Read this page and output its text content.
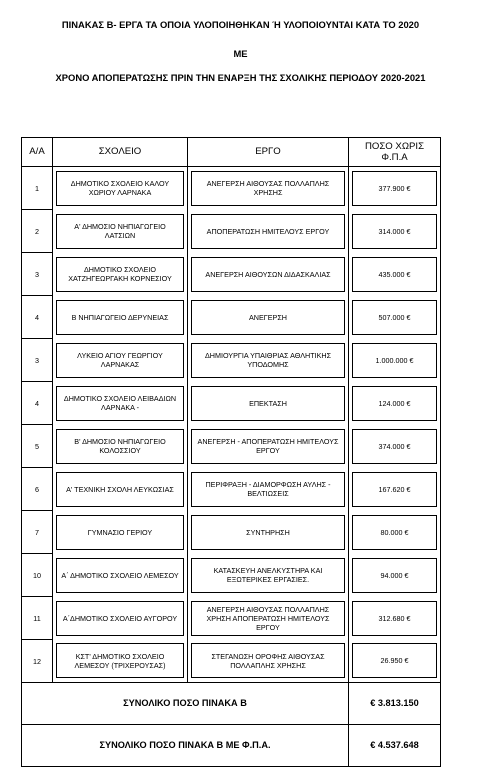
ΠΙΝΑΚΑΣ Β- ΕΡΓΑ ΤΑ ΟΠΟΙΑ ΥΛΟΠΟΙΗΘΗΚΑΝ Ή ΥΛΟΠΟΙΟΥΝΤΑΙ ΚΑΤΑ ΤΟ 2020
ΜΕ
ΧΡΟΝΟ ΑΠΟΠΕΡΑΤΩΣΗΣ ΠΡΙΝ ΤΗΝ ΕΝΑΡΞΗ ΤΗΣ ΣΧΟΛΙΚΗΣ ΠΕΡΙΟΔΟΥ 2020-2021
Α/Α	ΣΧΟΛΕΙΟ	ΕΡΓΟ	ΠΟΣΟ ΧΩΡΙΣ Φ.Π.Α
1	ΔΗΜΟΤΙΚΟ ΣΧΟΛΕΙΟ ΚΑΛΟΥ ΧΩΡΙΟΥ ΛΑΡΝΑΚΑ	ΑΝΕΓΕΡΣΗ ΑΙΘΟΥΣΑΣ ΠΟΛΛΑΠΛΗΣ ΧΡΗΣΗΣ	377.900 €

2	Α' ΔΗΜΟΣΙΟ ΝΗΠΙΑΓΩΓΕΙΟ ΛΑΤΣΙΩΝ	ΑΠΟΠΕΡΑΤΩΣΗ ΗΜΙΤΕΛΟΥΣ ΕΡΓΟΥ	314.000 €

3	ΔΗΜΟΤΙΚΟ ΣΧΟΛΕΙΟ ΧΑΤΖΗΓΕΩΡΓΑΚΗ ΚΟΡΝΕΣΙΟΥ	ΑΝΕΓΕΡΣΗ ΑΙΘΟΥΣΩΝ ΔΙΔΑΣΚΑΛΙΑΣ	435.000 €

4	Β ΝΗΠΙΑΓΩΓΕΙΟ ΔΕΡΥΝΕΙΑΣ	ΑΝΕΓΕΡΣΗ	507.000 €

3	ΛΥΚΕΙΟ ΑΓΙΟΥ ΓΕΩΡΓΙΟΥ ΛΑΡΝΑΚΑΣ	ΔΗΜΙΟΥΡΓΙΑ ΥΠΑΙΘΡΙΑΣ ΑΘΛΗΤΙΚΗΣ ΥΠΟΔΟΜΗΣ	1.000.000 €

4	ΔΗΜΟΤΙΚΟ ΣΧΟΛΕΙΟ ΛΕΙΒΑΔΙΩΝ ΛΑΡΝΑΚΑ -	ΕΠΕΚΤΑΣΗ	124.000 €

5	Β' ΔΗΜΟΣΙΟ ΝΗΠΙΑΓΩΓΕΙΟ ΚΟΛΟΣΣΙΟΥ	ΑΝΕΓΕΡΣΗ - ΑΠΟΠΕΡΑΤΩΣΗ ΗΜΙΤΕΛΟΥΣ ΕΡΓΟΥ	374.000 €

6	Α' ΤΕΧΝΙΚΗ ΣΧΟΛΗ ΛΕΥΚΩΣΙΑΣ	ΠΕΡΙΦΡΑΞΗ - ΔΙΑΜΟΡΦΩΣΗ ΑΥΛΗΣ - ΒΕΛΤΙΩΣΕΙΣ	167.620 €

7	ΓΥΜΝΑΣΙΟ ΓΕΡΙΟΥ	ΣΥΝΤΗΡΗΣΗ	80.000 €

10	Α΄ ΔΗΜΟΤΙΚΟ ΣΧΟΛΕΙΟ ΛΕΜΕΣΟΥ	ΚΑΤΑΣΚΕΥΗ ΑΝΕΛΚΥΣΤΗΡΑ ΚΑΙ ΕΞΩΤΕΡΙΚΕΣ ΕΡΓΑΣΙΕΣ.	94.000 €

11	Α΄ΔΗΜΟΤΙΚΟ ΣΧΟΛΕΙΟ ΑΥΓΟΡΟΥ	ΑΝΕΓΕΡΣΗ ΑΙΘΟΥΣΑΣ ΠΟΛΛΑΠΛΗΣ ΧΡΗΣΗ ΑΠΟΠΕΡΑΤΩΣΗ ΗΜΙΤΕΛΟΥΣ ΕΡΓΟΥ	312.680 €

12	ΚΣΤ' ΔΗΜΟΤΙΚΟ ΣΧΟΛΕΙΟ ΛΕΜΕΣΟΥ (ΤΡΙΧΕΡΟΥΣΑΣ)	ΣΤΕΓΑΝΩΣΗ ΟΡΟΦΗΣ ΑΙΘΟΥΣΑΣ ΠΟΛΛΑΠΛΗΣ ΧΡΗΣΗΣ	26.950 €

ΣΥΝΟΛΙΚΟ ΠΟΣΟ ΠΙΝΑΚΑ Β			€ 3.813.150
ΣΥΝΟΛΙΚΟ ΠΟΣΟ ΠΙΝΑΚΑ Β ΜΕ Φ.Π.Α.			€ 4.537.648
